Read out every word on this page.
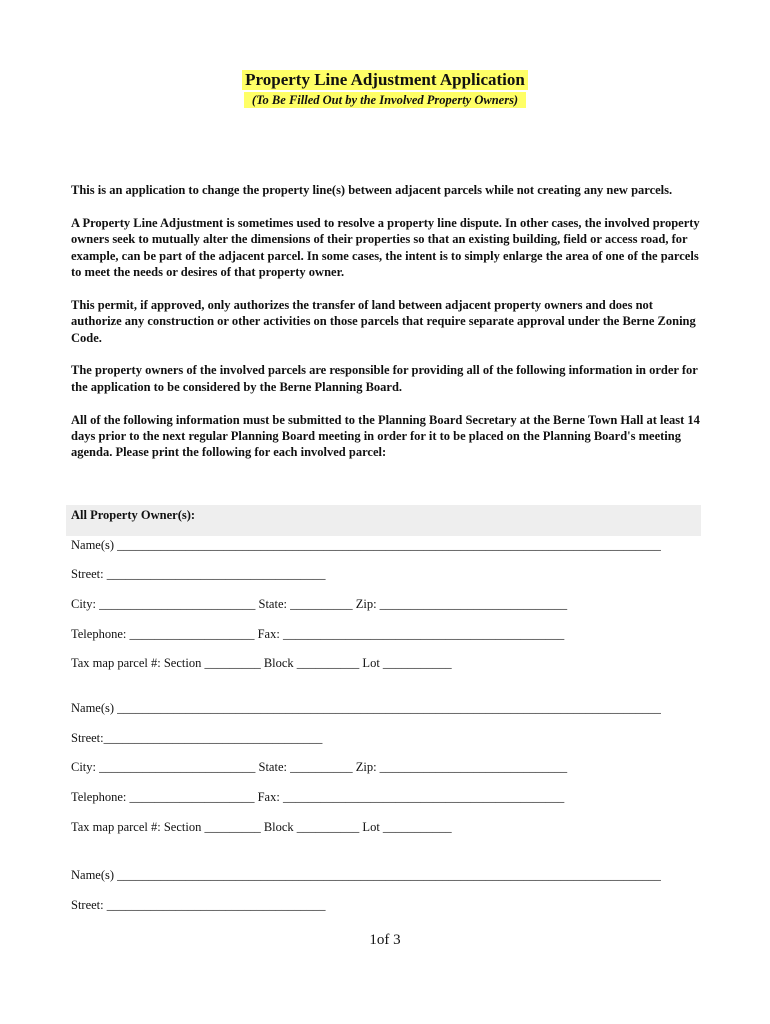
Property Line Adjustment Application
(To Be Filled Out by the Involved Property Owners)

This is an application to change the property line(s) between adjacent parcels while not creating any new parcels.

A Property Line Adjustment is sometimes used to resolve a property line dispute. In other cases, the involved property owners seek to mutually alter the dimensions of their properties so that an existing building, field or access road, for example, can be part of the adjacent parcel. In some cases, the intent is to simply enlarge the area of one of the parcels to meet the needs or desires of that property owner.

This permit, if approved, only authorizes the transfer of land between adjacent property owners and does not authorize any construction or other activities on those parcels that require separate approval under the Berne Zoning Code.

The property owners of the involved parcels are responsible for providing all of the following information in order for the application to be considered by the Berne Planning Board.

All of the following information must be submitted to the Planning Board Secretary at the Berne Town Hall at least 14 days prior to the next regular Planning Board meeting in order for it to be placed on the Planning Board's meeting agenda. Please print the following for each involved parcel:

All Property Owner(s):
Name(s) _______________________________________________________________________________________
Street: ___________________________________
City: _________________________ State: __________ Zip: ______________________________
Telephone: ____________________ Fax: _____________________________________________
Tax map parcel #: Section _________ Block __________ Lot ___________
Name(s) _______________________________________________________________________________________
Street:___________________________________
City: _________________________ State: __________ Zip: ______________________________
Telephone: ____________________ Fax: _____________________________________________
Tax map parcel #: Section _________ Block __________ Lot ___________
Name(s) _______________________________________________________________________________________
Street: ___________________________________
1of 3
